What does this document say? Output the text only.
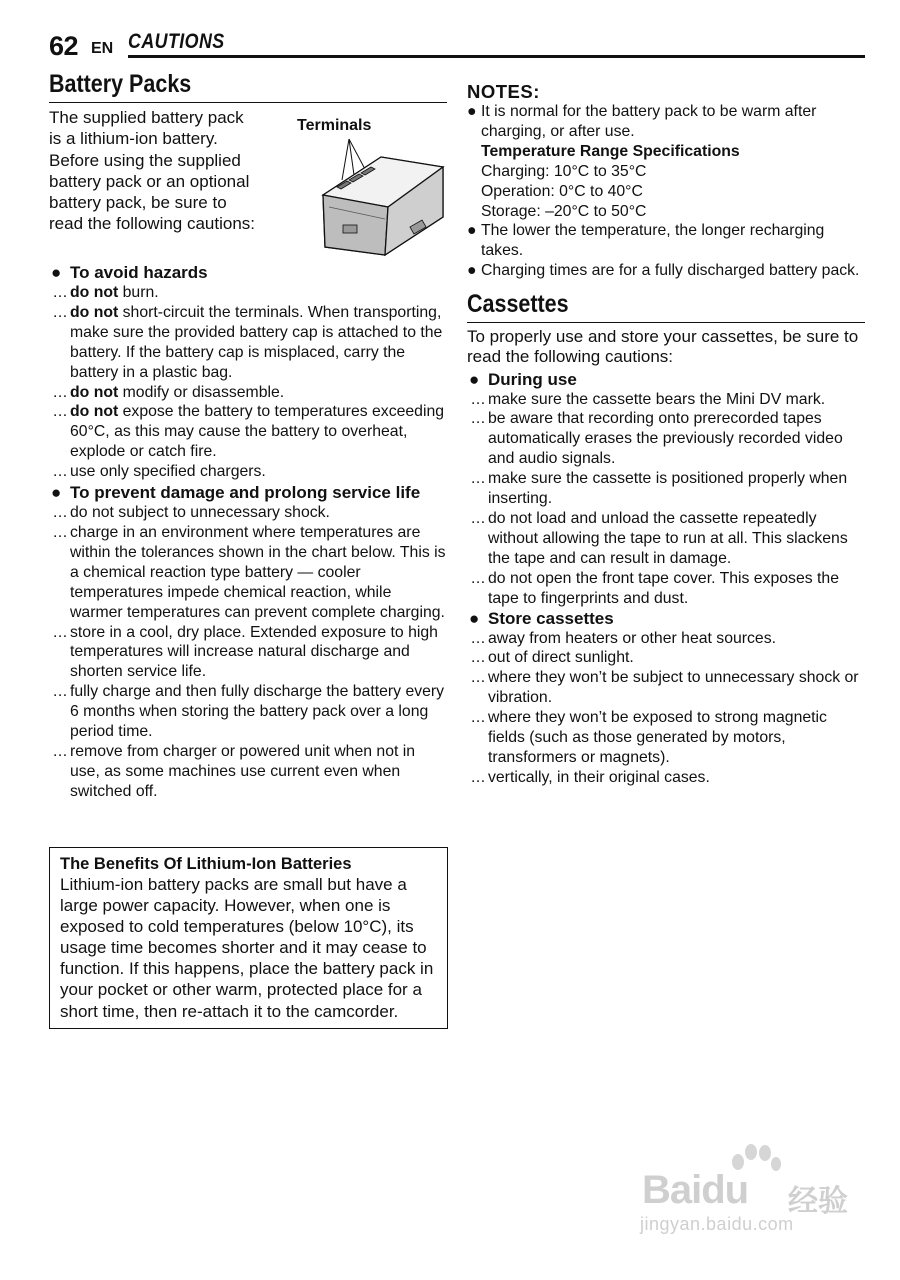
62 EN CAUTIONS
Battery Packs
The supplied battery pack is a lithium-ion battery. Before using the supplied battery pack or an optional battery pack, be sure to read the following cautions:
Terminals
● To avoid hazards
... do not burn.
... do not short-circuit the terminals. When transporting, make sure the provided battery cap is attached to the battery. If the battery cap is misplaced, carry the battery in a plastic bag.
... do not modify or disassemble.
... do not expose the battery to temperatures exceeding 60°C, as this may cause the battery to overheat, explode or catch fire.
... use only specified chargers.
● To prevent damage and prolong service life
... do not subject to unnecessary shock.
... charge in an environment where temperatures are within the tolerances shown in the chart below. This is a chemical reaction type battery — cooler temperatures impede chemical reaction, while warmer temperatures can prevent complete charging.
... store in a cool, dry place. Extended exposure to high temperatures will increase natural discharge and shorten service life.
... fully charge and then fully discharge the battery every 6 months when storing the battery pack over a long period time.
... remove from charger or powered unit when not in use, as some machines use current even when switched off.
The Benefits Of Lithium-Ion Batteries
Lithium-ion battery packs are small but have a large power capacity. However, when one is exposed to cold temperatures (below 10°C), its usage time becomes shorter and it may cease to function. If this happens, place the battery pack in your pocket or other warm, protected place for a short time, then re-attach it to the camcorder.
NOTES:
● It is normal for the battery pack to be warm after charging, or after use.
Temperature Range Specifications
Charging: 10°C to 35°C
Operation: 0°C to 40°C
Storage: –20°C to 50°C
● The lower the temperature, the longer recharging takes.
● Charging times are for a fully discharged battery pack.
Cassettes
To properly use and store your cassettes, be sure to read the following cautions:
● During use
... make sure the cassette bears the Mini DV mark.
... be aware that recording onto prerecorded tapes automatically erases the previously recorded video and audio signals.
... make sure the cassette is positioned properly when inserting.
... do not load and unload the cassette repeatedly without allowing the tape to run at all. This slackens the tape and can result in damage.
... do not open the front tape cover. This exposes the tape to fingerprints and dust.
● Store cassettes
... away from heaters or other heat sources.
... out of direct sunlight.
... where they won’t be subject to unnecessary shock or vibration.
... where they won’t be exposed to strong magnetic fields (such as those generated by motors, transformers or magnets).
... vertically, in their original cases.
Baidu 经验
jingyan.baidu.com
